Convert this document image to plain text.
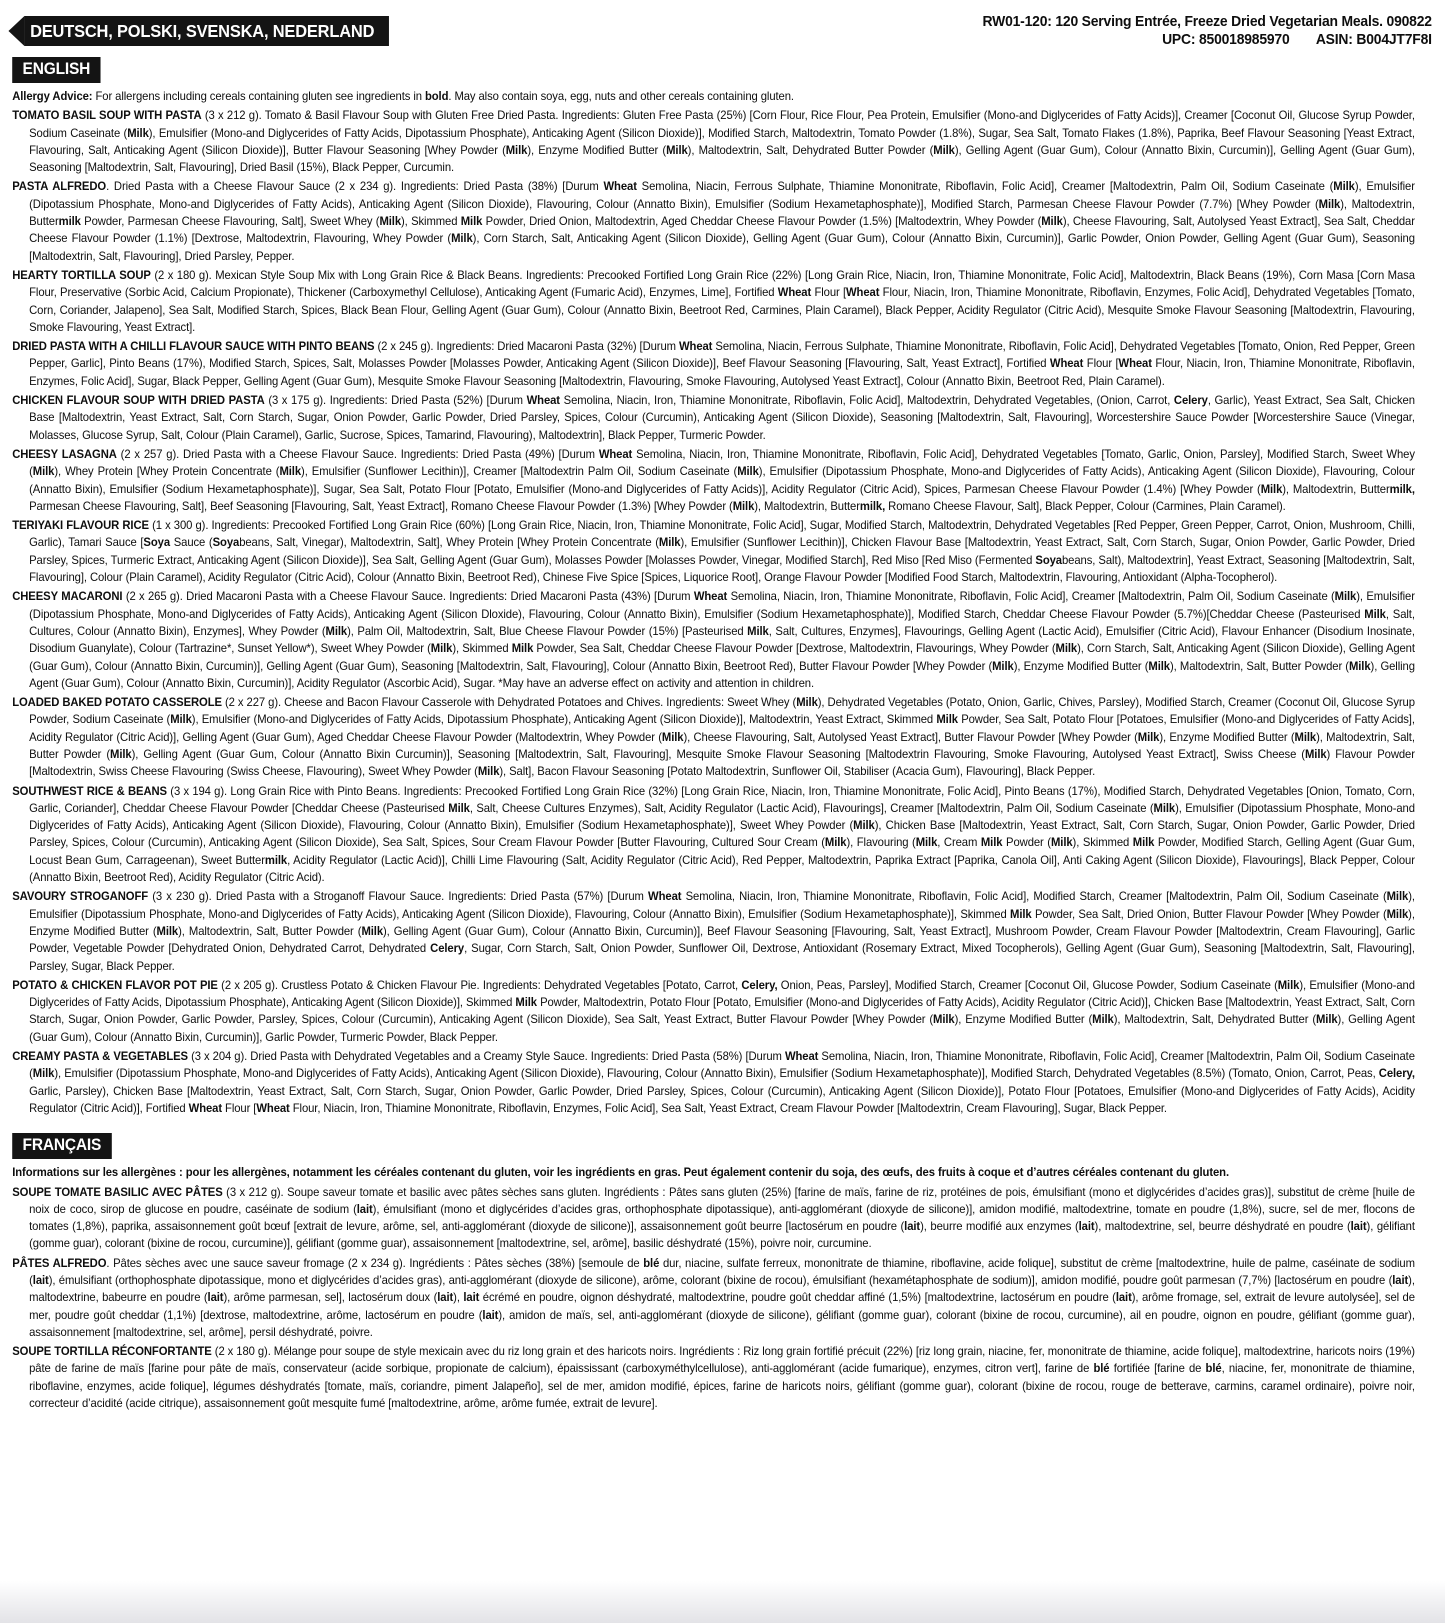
DEUTSCH, POLSKI, SVENSKA, NEDERLAND	RW01-120: 120 Serving Entrée, Freeze Dried Vegetarian Meals. 090822
UPC: 850018985970 ASIN: B004JT7F8I
ENGLISH

Allergy Advice: For allergens including cereals containing gluten see ingredients in bold. May also contain soya, egg, nuts and other cereals containing gluten.

TOMATO BASIL SOUP WITH PASTA (3 x 212 g). Tomato & Basil Flavour Soup with Gluten Free Dried Pasta. Ingredients: Gluten Free Pasta (25%) [Corn Flour, Rice Flour, Pea Protein, Emulsifier (Mono-and Diglycerides of Fatty Acids)], Creamer [Coconut Oil, Glucose Syrup Powder, Sodium Caseinate (Milk), Emulsifier (Mono-and Diglycerides of Fatty Acids, Dipotassium Phosphate), Anticaking Agent (Silicon Dioxide)], Modified Starch, Maltodextrin, Tomato Powder (1.8%), Sugar, Sea Salt, Tomato Flakes (1.8%), Paprika, Beef Flavour Seasoning [Yeast Extract, Flavouring, Salt, Anticaking Agent (Silicon Dioxide)], Butter Flavour Seasoning [Whey Powder (Milk), Enzyme Modified Butter (Milk), Maltodextrin, Salt, Dehydrated Butter Powder (Milk), Gelling Agent (Guar Gum), Colour (Annatto Bixin, Curcumin)], Gelling Agent (Guar Gum), Seasoning [Maltodextrin, Salt, Flavouring], Dried Basil (15%), Black Pepper, Curcumin.

PASTA ALFREDO. Dried Pasta with a Cheese Flavour Sauce (2 x 234 g). Ingredients: Dried Pasta (38%) [Durum Wheat Semolina, Niacin, Ferrous Sulphate, Thiamine Mononitrate, Riboflavin, Folic Acid], Creamer [Maltodextrin, Palm Oil, Sodium Caseinate (Milk), Emulsifier (Dipotassium Phosphate, Mono-and Diglycerides of Fatty Acids), Anticaking Agent (Silicon Dioxide), Flavouring, Colour (Annatto Bixin), Emulsifier (Sodium Hexametaphosphate)], Modified Starch, Parmesan Cheese Flavour Powder (7.7%) [Whey Powder (Milk), Maltodextrin, Buttermilk Powder, Parmesan Cheese Flavouring, Salt], Sweet Whey (Milk), Skimmed Milk Powder, Dried Onion, Maltodextrin, Aged Cheddar Cheese Flavour Powder (1.5%) [Maltodextrin, Whey Powder (Milk), Cheese Flavouring, Salt, Autolysed Yeast Extract], Sea Salt, Cheddar Cheese Flavour Powder (1.1%) [Dextrose, Maltodextrin, Flavouring, Whey Powder (Milk), Corn Starch, Salt, Anticaking Agent (Silicon Dioxide), Gelling Agent (Guar Gum), Colour (Annatto Bixin, Curcumin)], Garlic Powder, Onion Powder, Gelling Agent (Guar Gum), Seasoning [Maltodextrin, Salt, Flavouring], Dried Parsley, Pepper.

HEARTY TORTILLA SOUP (2 x 180 g). Mexican Style Soup Mix with Long Grain Rice & Black Beans. Ingredients: Precooked Fortified Long Grain Rice (22%) [Long Grain Rice, Niacin, Iron, Thiamine Mononitrate, Folic Acid], Maltodextrin, Black Beans (19%), Corn Masa [Corn Masa Flour, Preservative (Sorbic Acid, Calcium Propionate), Thickener (Carboxymethyl Cellulose), Anticaking Agent (Fumaric Acid), Enzymes, Lime], Fortified Wheat Flour [Wheat Flour, Niacin, Iron, Thiamine Mononitrate, Riboflavin, Enzymes, Folic Acid], Dehydrated Vegetables [Tomato, Corn, Coriander, Jalapeno], Sea Salt, Modified Starch, Spices, Black Bean Flour, Gelling Agent (Guar Gum), Colour (Annatto Bixin, Beetroot Red, Carmines, Plain Caramel), Black Pepper, Acidity Regulator (Citric Acid), Mesquite Smoke Flavour Seasoning [Maltodextrin, Flavouring, Smoke Flavouring, Yeast Extract].

DRIED PASTA WITH A CHILLI FLAVOUR SAUCE WITH PINTO BEANS (2 x 245 g). Ingredients: Dried Macaroni Pasta (32%) [Durum Wheat Semolina, Niacin, Ferrous Sulphate, Thiamine Mononitrate, Riboflavin, Folic Acid], Dehydrated Vegetables [Tomato, Onion, Red Pepper, Green Pepper, Garlic], Pinto Beans (17%), Modified Starch, Spices, Salt, Molasses Powder [Molasses Powder, Anticaking Agent (Silicon Dioxide)], Beef Flavour Seasoning [Flavouring, Salt, Yeast Extract], Fortified Wheat Flour [Wheat Flour, Niacin, Iron, Thiamine Mononitrate, Riboflavin, Enzymes, Folic Acid], Sugar, Black Pepper, Gelling Agent (Guar Gum), Mesquite Smoke Flavour Seasoning [Maltodextrin, Flavouring, Smoke Flavouring, Autolysed Yeast Extract], Colour (Annatto Bixin, Beetroot Red, Plain Caramel).

CHICKEN FLAVOUR SOUP WITH DRIED PASTA (3 x 175 g). Ingredients: Dried Pasta (52%) [Durum Wheat Semolina, Niacin, Iron, Thiamine Mononitrate, Riboflavin, Folic Acid], Maltodextrin, Dehydrated Vegetables, (Onion, Carrot, Celery, Garlic), Yeast Extract, Sea Salt, Chicken Base [Maltodextrin, Yeast Extract, Salt, Corn Starch, Sugar, Onion Powder, Garlic Powder, Dried Parsley, Spices, Colour (Curcumin), Anticaking Agent (Silicon Dioxide), Seasoning [Maltodextrin, Salt, Flavouring], Worcestershire Sauce Powder [Worcestershire Sauce (Vinegar, Molasses, Glucose Syrup, Salt, Colour (Plain Caramel), Garlic, Sucrose, Spices, Tamarind, Flavouring), Maltodextrin], Black Pepper, Turmeric Powder.

CHEESY LASAGNA (2 x 257 g). Dried Pasta with a Cheese Flavour Sauce. Ingredients: Dried Pasta (49%) [Durum Wheat Semolina, Niacin, Iron, Thiamine Mononitrate, Riboflavin, Folic Acid], Dehydrated Vegetables [Tomato, Garlic, Onion, Parsley], Modified Starch, Sweet Whey (Milk), Whey Protein [Whey Protein Concentrate (Milk), Emulsifier (Sunflower Lecithin)], Creamer [Maltodextrin Palm Oil, Sodium Caseinate (Milk), Emulsifier (Dipotassium Phosphate, Mono-and Diglycerides of Fatty Acids), Anticaking Agent (Silicon Dioxide), Flavouring, Colour (Annatto Bixin), Emulsifier (Sodium Hexametaphosphate)], Sugar, Sea Salt, Potato Flour [Potato, Emulsifier (Mono-and Diglycerides of Fatty Acids)], Acidity Regulator (Citric Acid), Spices, Parmesan Cheese Flavour Powder (1.4%) [Whey Powder (Milk), Maltodextrin, Buttermilk, Parmesan Cheese Flavouring, Salt], Beef Seasoning [Flavouring, Salt, Yeast Extract], Romano Cheese Flavour Powder (1.3%) [Whey Powder (Milk), Maltodextrin, Buttermilk, Romano Cheese Flavour, Salt], Black Pepper, Colour (Carmines, Plain Caramel).

TERIYAKI FLAVOUR RICE (1 x 300 g). Ingredients: Precooked Fortified Long Grain Rice (60%) [Long Grain Rice, Niacin, Iron, Thiamine Mononitrate, Folic Acid], Sugar, Modified Starch, Maltodextrin, Dehydrated Vegetables [Red Pepper, Green Pepper, Carrot, Onion, Mushroom, Chilli, Garlic), Tamari Sauce [Soya Sauce (Soyabeans, Salt, Vinegar), Maltodextrin, Salt], Whey Protein [Whey Protein Concentrate (Milk), Emulsifier (Sunflower Lecithin)], Chicken Flavour Base [Maltodextrin, Yeast Extract, Salt, Corn Starch, Sugar, Onion Powder, Garlic Powder, Dried Parsley, Spices, Turmeric Extract, Anticaking Agent (Silicon Dioxide)], Sea Salt, Gelling Agent (Guar Gum), Molasses Powder [Molasses Powder, Vinegar, Modified Starch], Red Miso [Red Miso (Fermented Soyabeans, Salt), Maltodextrin], Yeast Extract, Seasoning [Maltodextrin, Salt, Flavouring], Colour (Plain Caramel), Acidity Regulator (Citric Acid), Colour (Annatto Bixin, Beetroot Red), Chinese Five Spice [Spices, Liquorice Root], Orange Flavour Powder [Modified Food Starch, Maltodextrin, Flavouring, Antioxidant (Alpha-Tocopherol).

CHEESY MACARONI (2 x 265 g). Dried Macaroni Pasta with a Cheese Flavour Sauce. Ingredients: Dried Macaroni Pasta (43%) [Durum Wheat Semolina, Niacin, Iron, Thiamine Mononitrate, Riboflavin, Folic Acid], Creamer [Maltodextrin, Palm Oil, Sodium Caseinate (Milk), Emulsifier (Dipotassium Phosphate, Mono-and Diglycerides of Fatty Acids), Anticaking Agent (Silicon Dloxide), Flavouring, Colour (Annatto Bixin), Emulsifier (Sodium Hexametaphosphate)], Modified Starch, Cheddar Cheese Flavour Powder (5.7%)[Cheddar Cheese (Pasteurised Milk, Salt, Cultures, Colour (Annatto Bixin), Enzymes], Whey Powder (Milk), Palm Oil, Maltodextrin, Salt, Blue Cheese Flavour Powder (15%) [Pasteurised Milk, Salt, Cultures, Enzymes], Flavourings, Gelling Agent (Lactic Acid), Emulsifier (Citric Acid), Flavour Enhancer (Disodium Inosinate, Disodium Guanylate), Colour (Tartrazine*, Sunset Yellow*), Sweet Whey Powder (Milk), Skimmed Milk Powder, Sea Salt, Cheddar Cheese Flavour Powder [Dextrose, Maltodextrin, Flavourings, Whey Powder (Milk), Corn Starch, Salt, Anticaking Agent (Silicon Dioxide), Gelling Agent (Guar Gum), Colour (Annatto Bixin, Curcumin)], Gelling Agent (Guar Gum), Seasoning [Maltodextrin, Salt, Flavouring], Colour (Annatto Bixin, Beetroot Red), Butter Flavour Powder [Whey Powder (Milk), Enzyme Modified Butter (Milk), Maltodextrin, Salt, Butter Powder (Milk), Gelling Agent (Guar Gum), Colour (Annatto Bixin, Curcumin)], Acidity Regulator (Ascorbic Acid), Sugar. *May have an adverse effect on activity and attention in children.

LOADED BAKED POTATO CASSEROLE (2 x 227 g). Cheese and Bacon Flavour Casserole with Dehydrated Potatoes and Chives. Ingredients: Sweet Whey (Milk), Dehydrated Vegetables (Potato, Onion, Garlic, Chives, Parsley), Modified Starch, Creamer (Coconut Oil, Glucose Syrup Powder, Sodium Caseinate (Milk), Emulsifier (Mono-and Diglycerides of Fatty Acids, Dipotassium Phosphate), Anticaking Agent (Silicon Dioxide)], Maltodextrin, Yeast Extract, Skimmed Milk Powder, Sea Salt, Potato Flour [Potatoes, Emulsifier (Mono-and Diglycerides of Fatty Acids], Acidity Regulator (Citric Acid)], Gelling Agent (Guar Gum), Aged Cheddar Cheese Flavour Powder (Maltodextrin, Whey Powder (Milk), Cheese Flavouring, Salt, Autolysed Yeast Extract], Butter Flavour Powder [Whey Powder (Milk), Enzyme Modified Butter (Milk), Maltodextrin, Salt, Butter Powder (Milk), Gelling Agent (Guar Gum, Colour (Annatto Bixin Curcumin)], Seasoning [Maltodextrin, Salt, Flavouring], Mesquite Smoke Flavour Seasoning [Maltodextrin Flavouring, Smoke Flavouring, Autolysed Yeast Extract], Swiss Cheese (Milk) Flavour Powder [Maltodextrin, Swiss Cheese Flavouring (Swiss Cheese, Flavouring), Sweet Whey Powder (Milk), Salt], Bacon Flavour Seasoning [Potato Maltodextrin, Sunflower Oil, Stabiliser (Acacia Gum), Flavouring], Black Pepper.

SOUTHWEST RICE & BEANS (3 x 194 g). Long Grain Rice with Pinto Beans. Ingredients: Precooked Fortified Long Grain Rice (32%) [Long Grain Rice, Niacin, Iron, Thiamine Mononitrate, Folic Acid], Pinto Beans (17%), Modified Starch, Dehydrated Vegetables [Onion, Tomato, Corn, Garlic, Coriander], Cheddar Cheese Flavour Powder [Cheddar Cheese (Pasteurised Milk, Salt, Cheese Cultures Enzymes), Salt, Acidity Regulator (Lactic Acid), Flavourings], Creamer [Maltodextrin, Palm Oil, Sodium Caseinate (Milk), Emulsifier (Dipotassium Phosphate, Mono-and Diglycerides of Fatty Acids), Anticaking Agent (Silicon Dioxide), Flavouring, Colour (Annatto Bixin), Emulsifier (Sodium Hexametaphosphate)], Sweet Whey Powder (Milk), Chicken Base [Maltodextrin, Yeast Extract, Salt, Corn Starch, Sugar, Onion Powder, Garlic Powder, Dried Parsley, Spices, Colour (Curcumin), Anticaking Agent (Silicon Dioxide), Sea Salt, Spices, Sour Cream Flavour Powder [Butter Flavouring, Cultured Sour Cream (Milk), Flavouring (Milk, Cream Milk Powder (Milk), Skimmed Milk Powder, Modified Starch, Gelling Agent (Guar Gum, Locust Bean Gum, Carrageenan), Sweet Buttermilk, Acidity Regulator (Lactic Acid)], Chilli Lime Flavouring (Salt, Acidity Regulator (Citric Acid), Red Pepper, Maltodextrin, Paprika Extract [Paprika, Canola Oil], Anti Caking Agent (Silicon Dioxide), Flavourings], Black Pepper, Colour (Annatto Bixin, Beetroot Red), Acidity Regulator (Citric Acid).

SAVOURY STROGANOFF (3 x 230 g). Dried Pasta with a Stroganoff Flavour Sauce. Ingredients: Dried Pasta (57%) [Durum Wheat Semolina, Niacin, Iron, Thiamine Mononitrate, Riboflavin, Folic Acid], Modified Starch, Creamer [Maltodextrin, Palm Oil, Sodium Caseinate (Milk), Emulsifier (Dipotassium Phosphate, Mono-and Diglycerides of Fatty Acids), Anticaking Agent (Silicon Dioxide), Flavouring, Colour (Annatto Bixin), Emulsifier (Sodium Hexametaphosphate)], Skimmed Milk Powder, Sea Salt, Dried Onion, Butter Flavour Powder [Whey Powder (Milk), Enzyme Modified Butter (Milk), Maltodextrin, Salt, Butter Powder (Milk), Gelling Agent (Guar Gum), Colour (Annatto Bixin, Curcumin)], Beef Flavour Seasoning [Flavouring, Salt, Yeast Extract], Mushroom Powder, Cream Flavour Powder [Maltodextrin, Cream Flavouring], Garlic Powder, Vegetable Powder [Dehydrated Onion, Dehydrated Carrot, Dehydrated Celery, Sugar, Corn Starch, Salt, Onion Powder, Sunflower Oil, Dextrose, Antioxidant (Rosemary Extract, Mixed Tocopherols), Gelling Agent (Guar Gum), Seasoning [Maltodextrin, Salt, Flavouring], Parsley, Sugar, Black Pepper.

POTATO & CHICKEN FLAVOR POT PIE (2 x 205 g). Crustless Potato & Chicken Flavour Pie. Ingredients: Dehydrated Vegetables [Potato, Carrot, Celery, Onion, Peas, Parsley], Modified Starch, Creamer [Coconut Oil, Glucose Powder, Sodium Caseinate (Milk), Emulsifier (Mono-and Diglycerides of Fatty Acids, Dipotassium Phosphate), Anticaking Agent (Silicon Dioxide)], Skimmed Milk Powder, Maltodextrin, Potato Flour [Potato, Emulsifier (Mono-and Diglycerides of Fatty Acids), Acidity Regulator (Citric Acid)], Chicken Base [Maltodextrin, Yeast Extract, Salt, Corn Starch, Sugar, Onion Powder, Garlic Powder, Parsley, Spices, Colour (Curcumin), Anticaking Agent (Silicon Dioxide), Sea Salt, Yeast Extract, Butter Flavour Powder [Whey Powder (Milk), Enzyme Modified Butter (Milk), Maltodextrin, Salt, Dehydrated Butter (Milk), Gelling Agent (Guar Gum), Colour (Annatto Bixin, Curcumin)], Garlic Powder, Turmeric Powder, Black Pepper.

CREAMY PASTA & VEGETABLES (3 x 204 g). Dried Pasta with Dehydrated Vegetables and a Creamy Style Sauce. Ingredients: Dried Pasta (58%) [Durum Wheat Semolina, Niacin, Iron, Thiamine Mononitrate, Riboflavin, Folic Acid], Creamer [Maltodextrin, Palm Oil, Sodium Caseinate (Milk), Emulsifier (Dipotassium Phosphate, Mono-and Diglycerides of Fatty Acids), Anticaking Agent (Silicon Dioxide), Flavouring, Colour (Annatto Bixin), Emulsifier (Sodium Hexametaphosphate)], Modified Starch, Dehydrated Vegetables (8.5%) (Tomato, Onion, Carrot, Peas, Celery, Garlic, Parsley), Chicken Base [Maltodextrin, Yeast Extract, Salt, Corn Starch, Sugar, Onion Powder, Garlic Powder, Dried Parsley, Spices, Colour (Curcumin), Anticaking Agent (Silicon Dioxide)], Potato Flour [Potatoes, Emulsifier (Mono-and Diglycerides of Fatty Acids), Acidity Regulator (Citric Acid)], Fortified Wheat Flour [Wheat Flour, Niacin, Iron, Thiamine Mononitrate, Riboflavin, Enzymes, Folic Acid], Sea Salt, Yeast Extract, Cream Flavour Powder [Maltodextrin, Cream Flavouring], Sugar, Black Pepper.

FRANÇAIS

Informations sur les allergènes : pour les allergènes, notamment les céréales contenant du gluten, voir les ingrédients en gras. Peut également contenir du soja, des œufs, des fruits à coque et d’autres céréales contenant du gluten.

SOUPE TOMATE BASILIC AVEC PÂTES (3 x 212 g). Soupe saveur tomate et basilic avec pâtes sèches sans gluten. Ingrédients : Pâtes sans gluten (25%) [farine de maïs, farine de riz, protéines de pois, émulsifiant (mono et diglycérides d’acides gras)], substitut de crème [huile de noix de coco, sirop de glucose en poudre, caséinate de sodium (lait), émulsifiant (mono et diglycérides d’acides gras, orthophosphate dipotassique), anti-agglomérant (dioxyde de silicone)], amidon modifié, maltodextrine, tomate en poudre (1,8%), sucre, sel de mer, flocons de tomates (1,8%), paprika, assaisonnement goût bœuf [extrait de levure, arôme, sel, anti-agglomérant (dioxyde de silicone)], assaisonnement goût beurre [lactosérum en poudre (lait), beurre modifié aux enzymes (lait), maltodextrine, sel, beurre déshydraté en poudre (lait), gélifiant (gomme guar), colorant (bixine de rocou, curcumine)], gélifiant (gomme guar), assaisonnement [maltodextrine, sel, arôme], basilic déshydraté (15%), poivre noir, curcumine.

PÂTES ALFREDO. Pâtes sèches avec une sauce saveur fromage (2 x 234 g). Ingrédients : Pâtes sèches (38%) [semoule de blé dur, niacine, sulfate ferreux, mononitrate de thiamine, riboflavine, acide folique], substitut de crème [maltodextrine, huile de palme, caséinate de sodium (lait), émulsifiant (orthophosphate dipotassique, mono et diglycérides d’acides gras), anti-agglomérant (dioxyde de silicone), arôme, colorant (bixine de rocou), émulsifiant (hexamétaphosphate de sodium)], amidon modifié, poudre goût parmesan (7,7%) [lactosérum en poudre (lait), maltodextrine, babeurre en poudre (lait), arôme parmesan, sel], lactosérum doux (lait), lait écrémé en poudre, oignon déshydraté, maltodextrine, poudre goût cheddar affiné (1,5%) [maltodextrine, lactosérum en poudre (lait), arôme fromage, sel, extrait de levure autolysée], sel de mer, poudre goût cheddar (1,1%) [dextrose, maltodextrine, arôme, lactosérum en poudre (lait), amidon de maïs, sel, anti-agglomérant (dioxyde de silicone), gélifiant (gomme guar), colorant (bixine de rocou, curcumine), ail en poudre, oignon en poudre, gélifiant (gomme guar), assaisonnement [maltodextrine, sel, arôme], persil déshydraté, poivre.

SOUPE TORTILLA RÉCONFORTANTE (2 x 180 g). Mélange pour soupe de style mexicain avec du riz long grain et des haricots noirs. Ingrédients : Riz long grain fortifié précuit (22%) [riz long grain, niacine, fer, mononitrate de thiamine, acide folique], maltodextrine, haricots noirs (19%) pâte de farine de maïs [farine pour pâte de maïs, conservateur (acide sorbique, propionate de calcium), épaississant (carboxyméthylcellulose), anti-agglomérant (acide fumarique), enzymes, citron vert], farine de blé fortifiée [farine de blé, niacine, fer, mononitrate de thiamine, riboflavine, enzymes, acide folique], légumes déshydratés [tomate, maïs, coriandre, piment Jalapeño], sel de mer, amidon modifié, épices, farine de haricots noirs, gélifiant (gomme guar), colorant (bixine de rocou, rouge de betterave, carmins, caramel ordinaire), poivre noir, correcteur d’acidité (acide citrique), assaisonnement goût mesquite fumé [maltodextrine, arôme, arôme fumée, extrait de levure].
